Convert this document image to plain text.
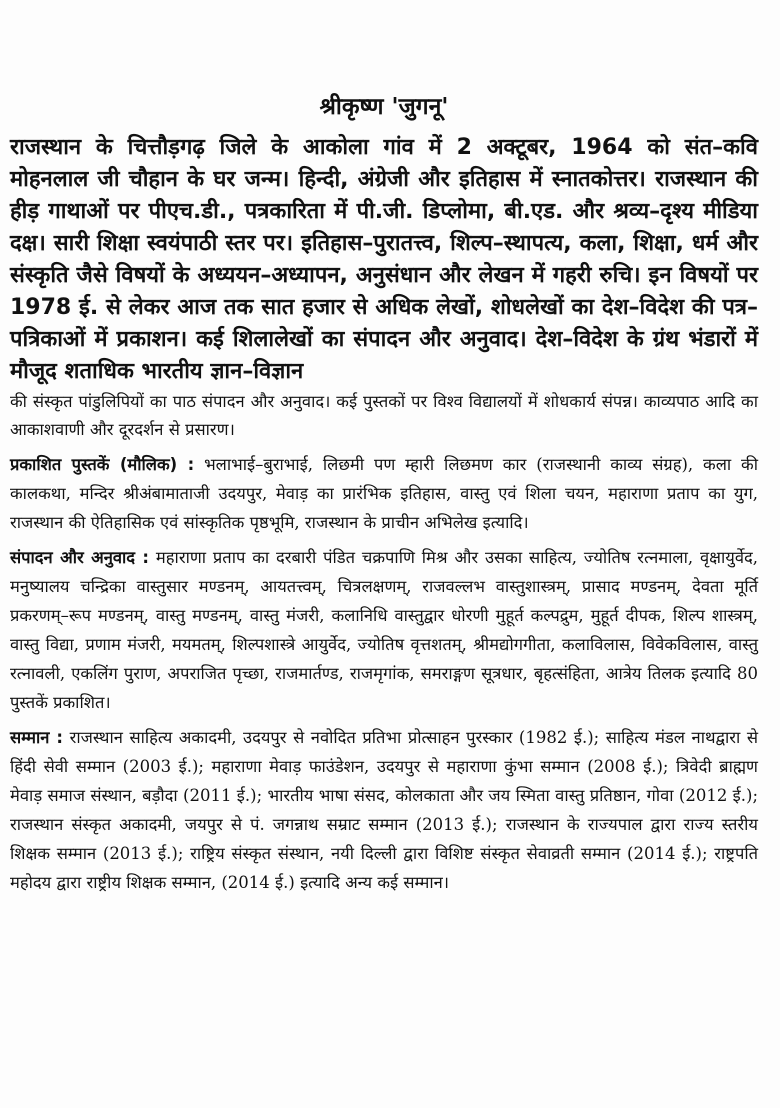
श्रीकृष्ण 'जुगनू'

राजस्थान के चित्तौड़गढ़ जिले के आकोला गांव में 2 अक्टूबर, 1964 को संत–कवि मोहनलाल जी चौहान के घर जन्म। हिन्दी, अंग्रेजी और इतिहास में स्नातकोत्तर। राजस्थान की हीड़ गाथाओं पर पीएच.डी., पत्रकारिता में पी.जी. डिप्लोमा, बी.एड. और श्रव्य–दृश्य मीडिया दक्ष। सारी शिक्षा स्वयंपाठी स्तर पर। इतिहास–पुरातत्त्व, शिल्प–स्थापत्य, कला, शिक्षा, धर्म और संस्कृति जैसे विषयों के अध्ययन–अध्यापन, अनुसंधान और लेखन में गहरी रुचि। इन विषयों पर 1978 ई. से लेकर आज तक सात हजार से अधिक लेखों, शोधलेखों का देश–विदेश की पत्र–पत्रिकाओं में प्रकाशन। कई शिलालेखों का संपादन और अनुवाद। देश–विदेश के ग्रंथ भंडारों में मौजूद शताधिक भारतीय ज्ञान–विज्ञान

की संस्कृत पांडुलिपियों का पाठ संपादन और अनुवाद। कई पुस्तकों पर विश्व विद्यालयों में शोधकार्य संपन्न। काव्यपाठ आदि का आकाशवाणी और दूरदर्शन से प्रसारण।

प्रकाशित पुस्तकें (मौलिक) : भलाभाई–बुराभाई, लिछमी पण म्हारी लिछमण कार (राजस्थानी काव्य संग्रह), कला की कालकथा, मन्दिर श्रीअंबामाताजी उदयपुर, मेवाड़ का प्रारंभिक इतिहास, वास्तु एवं शिला चयन, महाराणा प्रताप का युग, राजस्थान की ऐतिहासिक एवं सांस्कृतिक पृष्ठभूमि, राजस्थान के प्राचीन अभिलेख इत्यादि।

संपादन और अनुवाद : महाराणा प्रताप का दरबारी पंडित चक्रपाणि मिश्र और उसका साहित्य, ज्योतिष रत्नमाला, वृक्षायुर्वेद, मनुष्यालय चन्द्रिका वास्तुसार मण्डनम्, आयतत्त्वम्, चित्रलक्षणम्, राजवल्लभ वास्तुशास्त्रम्, प्रासाद मण्डनम्, देवता मूर्ति प्रकरणम्–रूप मण्डनम्, वास्तु मण्डनम्, वास्तु मंजरी, कलानिधि वास्तुद्वार धोरणी मुहूर्त कल्पद्रुम, मुहूर्त दीपक, शिल्प शास्त्रम्, वास्तु विद्या, प्रणाम मंजरी, मयमतम्, शिल्पशास्त्रे आयुर्वेद, ज्योतिष वृत्तशतम्, श्रीमद्योगगीता, कलाविलास, विवेकविलास, वास्तु रत्नावली, एकलिंग पुराण, अपराजित पृच्छा, राजमार्तण्ड, राजमृगांक, समराङ्गण सूत्रधार, बृहत्संहिता, आत्रेय तिलक इत्यादि 80 पुस्तकें प्रकाशित।

सम्मान : राजस्थान साहित्य अकादमी, उदयपुर से नवोदित प्रतिभा प्रोत्साहन पुरस्कार (1982 ई.); साहित्य मंडल नाथद्वारा से हिंदी सेवी सम्मान (2003 ई.); महाराणा मेवाड़ फाउंडेशन, उदयपुर से महाराणा कुंभा सम्मान (2008 ई.); त्रिवेदी ब्राह्मण मेवाड़ समाज संस्थान, बड़ौदा (2011 ई.); भारतीय भाषा संसद, कोलकाता और जय स्मिता वास्तु प्रतिष्ठान, गोवा (2012 ई.); राजस्थान संस्कृत अकादमी, जयपुर से पं. जगन्नाथ सम्राट सम्मान (2013 ई.); राजस्थान के राज्यपाल द्वारा राज्य स्तरीय शिक्षक सम्मान (2013 ई.); राष्ट्रिय संस्कृत संस्थान, नयी दिल्ली द्वारा विशिष्ट संस्कृत सेवाव्रती सम्मान (2014 ई.); राष्ट्रपति महोदय द्वारा राष्ट्रीय शिक्षक सम्मान, (2014 ई.) इत्यादि अन्य कई सम्मान।
